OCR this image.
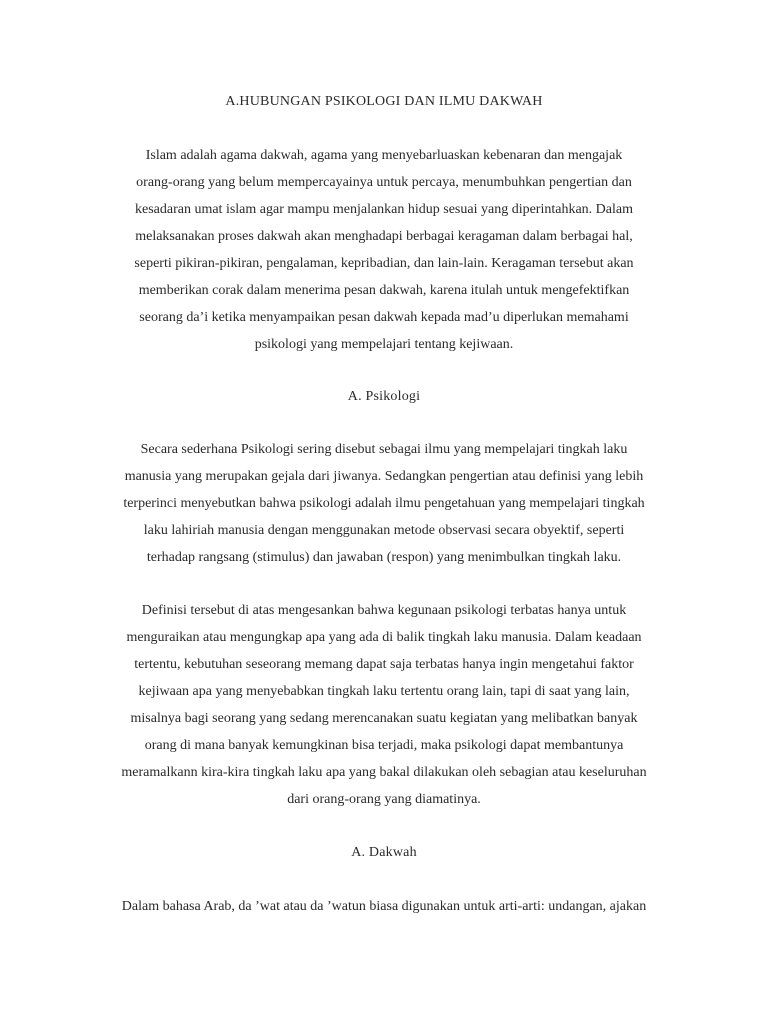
A.HUBUNGAN PSIKOLOGI DAN ILMU DAKWAH
Islam adalah agama dakwah, agama yang menyebarluaskan kebenaran dan mengajak
orang-orang yang belum mempercayainya untuk percaya, menumbuhkan pengertian dan
kesadaran umat islam agar mampu menjalankan hidup sesuai yang diperintahkan. Dalam
melaksanakan proses dakwah akan menghadapi berbagai keragaman dalam berbagai hal,
seperti pikiran-pikiran, pengalaman, kepribadian, dan lain-lain. Keragaman tersebut akan
memberikan corak dalam menerima pesan dakwah, karena itulah untuk mengefektifkan
seorang da’i ketika menyampaikan pesan dakwah kepada mad’u diperlukan memahami
psikologi yang mempelajari tentang kejiwaan.
A. Psikologi
Secara sederhana Psikologi sering disebut sebagai ilmu yang mempelajari tingkah laku
manusia yang merupakan gejala dari jiwanya. Sedangkan pengertian atau definisi yang lebih
terperinci menyebutkan bahwa psikologi adalah ilmu pengetahuan yang mempelajari tingkah
laku lahiriah manusia dengan menggunakan metode observasi secara obyektif, seperti
terhadap rangsang (stimulus) dan jawaban (respon) yang menimbulkan tingkah laku.
Definisi tersebut di atas mengesankan bahwa kegunaan psikologi terbatas hanya untuk
menguraikan atau mengungkap apa yang ada di balik tingkah laku manusia. Dalam keadaan
tertentu, kebutuhan seseorang memang dapat saja terbatas hanya ingin mengetahui faktor
kejiwaan apa yang menyebabkan tingkah laku tertentu orang lain, tapi di saat yang lain,
misalnya bagi seorang yang sedang merencanakan suatu kegiatan yang melibatkan banyak
orang di mana banyak kemungkinan bisa terjadi, maka psikologi dapat membantunya
meramalkann kira-kira tingkah laku apa yang bakal dilakukan oleh sebagian atau keseluruhan
dari orang-orang yang diamatinya.
A. Dakwah
Dalam bahasa Arab, da ’wat atau da ’watun biasa digunakan untuk arti-arti: undangan, ajakan
